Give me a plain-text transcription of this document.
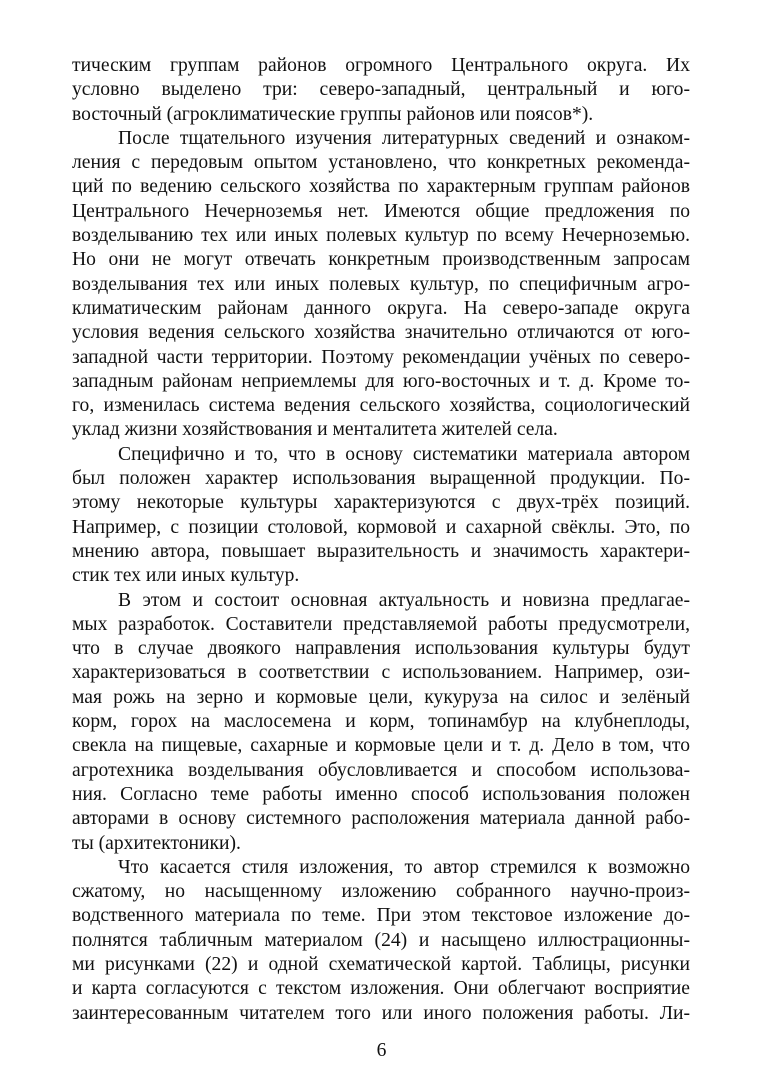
тическим группам районов огромного Центрального округа. Их
условно выделено три: северо-западный, центральный и юго-
восточный (агроклиматические группы районов или поясов*).
После тщательного изучения литературных сведений и ознаком-
ления с передовым опытом установлено, что конкретных рекоменда-
ций по ведению сельского хозяйства по характерным группам районов
Центрального Нечерноземья нет. Имеются общие предложения по
возделыванию тех или иных полевых культур по всему Нечерноземью.
Но они не могут отвечать конкретным производственным запросам
возделывания тех или иных полевых культур, по специфичным агро-
климатическим районам данного округа. На северо-западе округа
условия ведения сельского хозяйства значительно отличаются от юго-
западной части территории. Поэтому рекомендации учёных по северо-
западным районам неприемлемы для юго-восточных и т. д. Кроме то-
го, изменилась система ведения сельского хозяйства, социологический
уклад жизни хозяйствования и менталитета жителей села.
Специфично и то, что в основу систематики материала автором
был положен характер использования выращенной продукции. По-
этому некоторые культуры характеризуются с двух-трёх позиций.
Например, с позиции столовой, кормовой и сахарной свёклы. Это, по
мнению автора, повышает выразительность и значимость характери-
стик тех или иных культур.
В этом и состоит основная актуальность и новизна предлагае-
мых разработок. Составители представляемой работы предусмотрели,
что в случае двоякого направления использования культуры будут
характеризоваться в соответствии с использованием. Например, ози-
мая рожь на зерно и кормовые цели, кукуруза на силос и зелёный
корм, горох на маслосемена и корм, топинамбур на клубнеплоды,
свекла на пищевые, сахарные и кормовые цели и т. д. Дело в том, что
агротехника возделывания обусловливается и способом использова-
ния. Согласно теме работы именно способ использования положен
авторами в основу системного расположения материала данной рабо-
ты (архитектоники).
Что касается стиля изложения, то автор стремился к возможно
сжатому, но насыщенному изложению собранного научно-произ-
водственного материала по теме. При этом текстовое изложение до-
полнятся табличным материалом (24) и насыщено иллюстрационны-
ми рисунками (22) и одной схематической картой. Таблицы, рисунки
и карта согласуются с текстом изложения. Они облегчают восприятие
заинтересованным читателем того или иного положения работы. Ли-
6
